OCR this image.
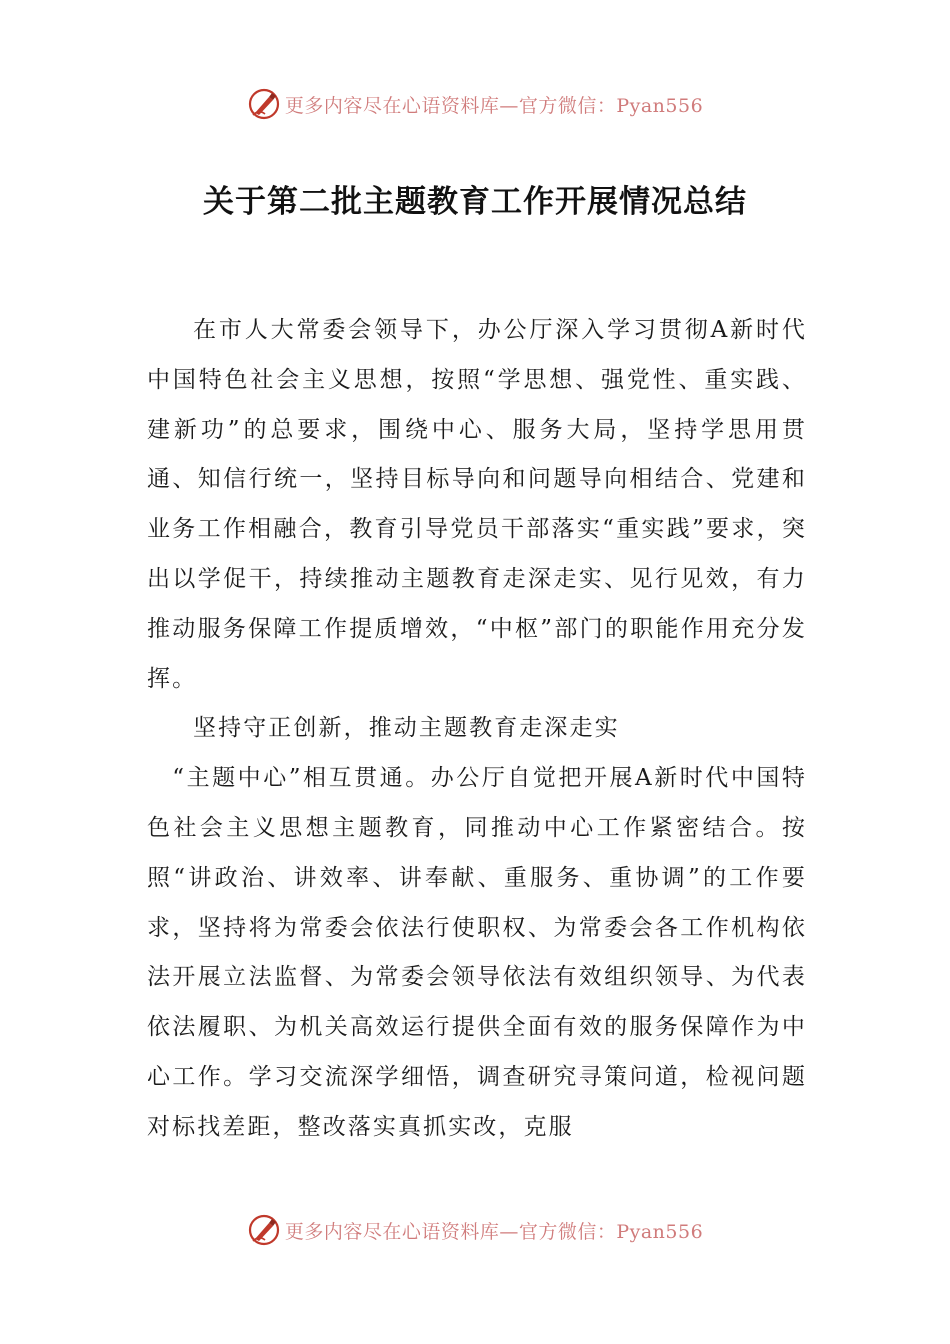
更多内容尽在心语资料库—官方微信：Pyan556
关于第二批主题教育工作开展情况总结

在市人大常委会领导下，办公厅深入学习贯彻A新时代中国特色社会主义思想，按照“学思想、强党性、重实践、建新功”的总要求，围绕中心、服务大局，坚持学思用贯通、知信行统一，坚持目标导向和问题导向相结合、党建和业务工作相融合，教育引导党员干部落实“重实践”要求，突出以学促干，持续推动主题教育走深走实、见行见效，有力推动服务保障工作提质增效，“中枢”部门的职能作用充分发挥。

坚持守正创新，推动主题教育走深走实

“主题中心”相互贯通。办公厅自觉把开展A新时代中国特色社会主义思想主题教育，同推动中心工作紧密结合。按照“讲政治、讲效率、讲奉献、重服务、重协调”的工作要求，坚持将为常委会依法行使职权、为常委会各工作机构依法开展立法监督、为常委会领导依法有效组织领导、为代表依法履职、为机关高效运行提供全面有效的服务保障作为中心工作。学习交流深学细悟，调查研究寻策问道，检视问题对标找差距，整改落实真抓实改，克服

更多内容尽在心语资料库—官方微信：Pyan556
